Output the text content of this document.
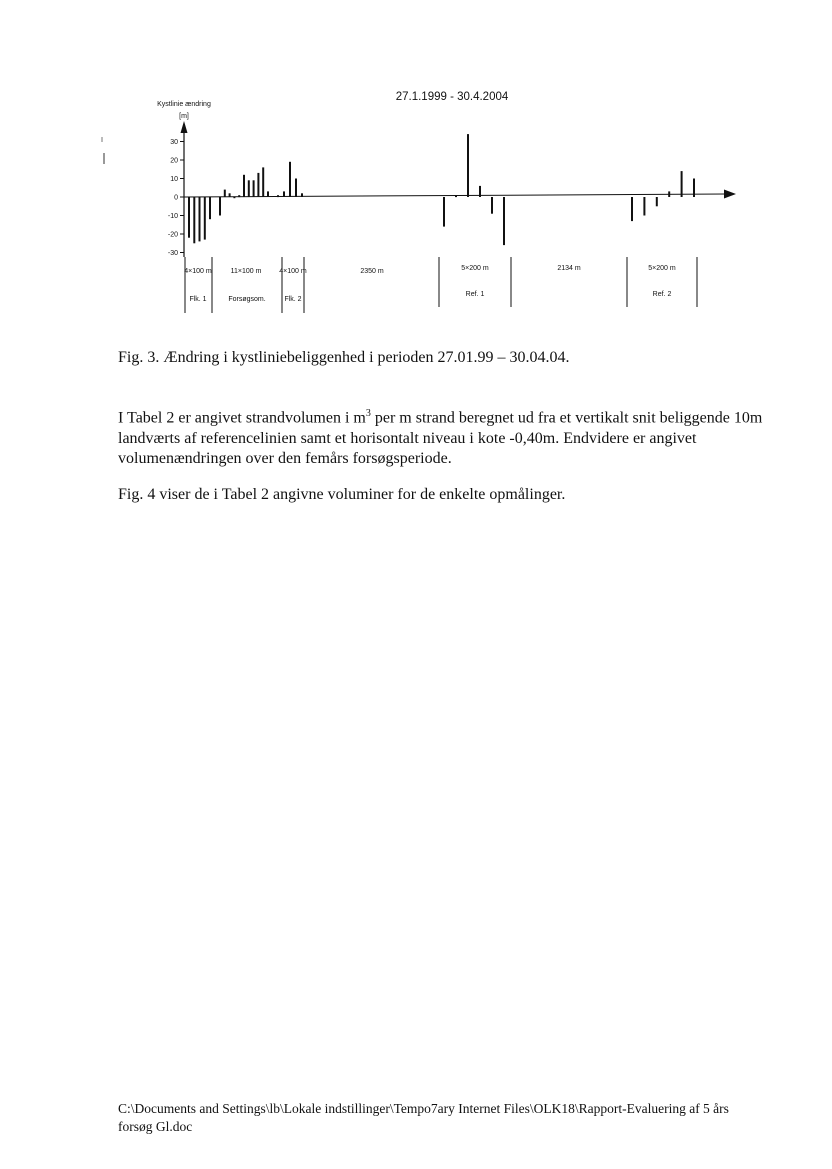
27.1.1999 - 30.4.2004
Kystlinie ændring
[m]
30
20
10
0
-10
-20
-30
4×100 m	11×100 m	4×100 m	2350 m	5×200 m	2134 m	5×200 m
Flk. 1	Forsøgsom.	Flk. 2
Ref. 1	Ref. 2
Fig. 3. Ændring i kystliniebeliggenhed i perioden 27.01.99 – 30.04.04.
I Tabel 2 er angivet strandvolumen i $m^3$ per m strand beregnet ud fra et vertikalt snit beliggende 10m landværts af referencelinien samt et horisontalt niveau i kote -0,40m. Endvidere er angivet volumenændringen over den femårs forsøgsperiode.
Fig. 4 viser de i Tabel 2 angivne voluminer for de enkelte opmålinger.
C:\Documents and Settings\lb\Lokale indstillinger\Tempo7ary Internet Files\OLK18\Rapport-Evaluering af 5 års
forsøg Gl.doc
